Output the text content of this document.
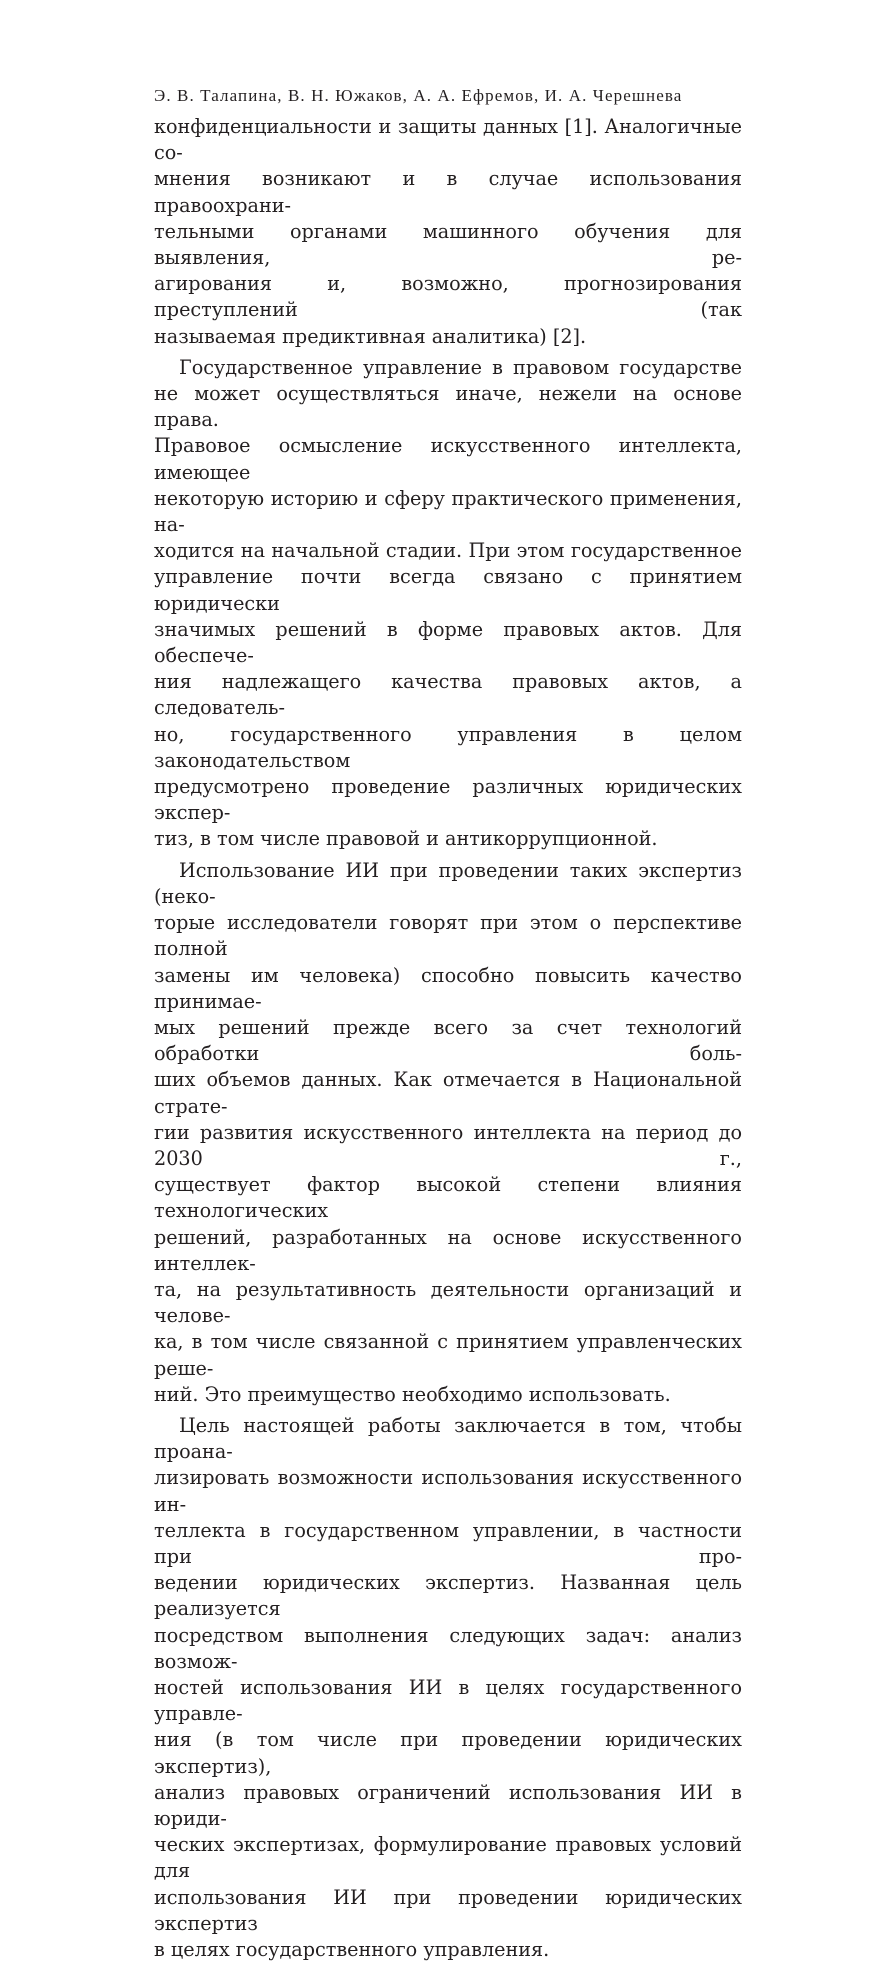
Э. В. Талапина, В. Н. Южаков, А. А. Ефремов, И. А. Черешнева

конфиденциальности и защиты данных [1]. Аналогичные со-
мнения возникают и в случае использования правоохрани-
тельными органами машинного обучения для выявления, ре-
агирования и, возможно, прогнозирования преступлений (так
называемая предиктивная аналитика) [2].

Государственное управление в правовом государстве
не может осуществляться иначе, нежели на основе права.
Правовое осмысление искусственного интеллекта, имеющее
некоторую историю и сферу практического применения, на-
ходится на начальной стадии. При этом государственное
управление почти всегда связано с принятием юридически
значимых решений в форме правовых актов. Для обеспече-
ния надлежащего качества правовых актов, а следователь-
но, государственного управления в целом законодательством
предусмотрено проведение различных юридических экспер-
тиз, в том числе правовой и антикоррупционной.

Использование ИИ при проведении таких экспертиз (неко-
торые исследователи говорят при этом о перспективе полной
замены им человека) способно повысить качество принимае-
мых решений прежде всего за счет технологий обработки боль-
ших объемов данных. Как отмечается в Национальной страте-
гии развития искусственного интеллекта на период до 2030 г.,
существует фактор высокой степени влияния технологических
решений, разработанных на основе искусственного интеллек-
та, на результативность деятельности организаций и челове-
ка, в том числе связанной с принятием управленческих реше-
ний. Это преимущество необходимо использовать.

Цель настоящей работы заключается в том, чтобы проана-
лизировать возможности использования искусственного ин-
теллекта в государственном управлении, в частности при про-
ведении юридических экспертиз. Названная цель реализуется
посредством выполнения следующих задач: анализ возмож-
ностей использования ИИ в целях государственного управле-
ния (в том числе при проведении юридических экспертиз),
анализ правовых ограничений использования ИИ в юриди-
ческих экспертизах, формулирование правовых условий для
использования ИИ при проведении юридических экспертиз
в целях государственного управления.
